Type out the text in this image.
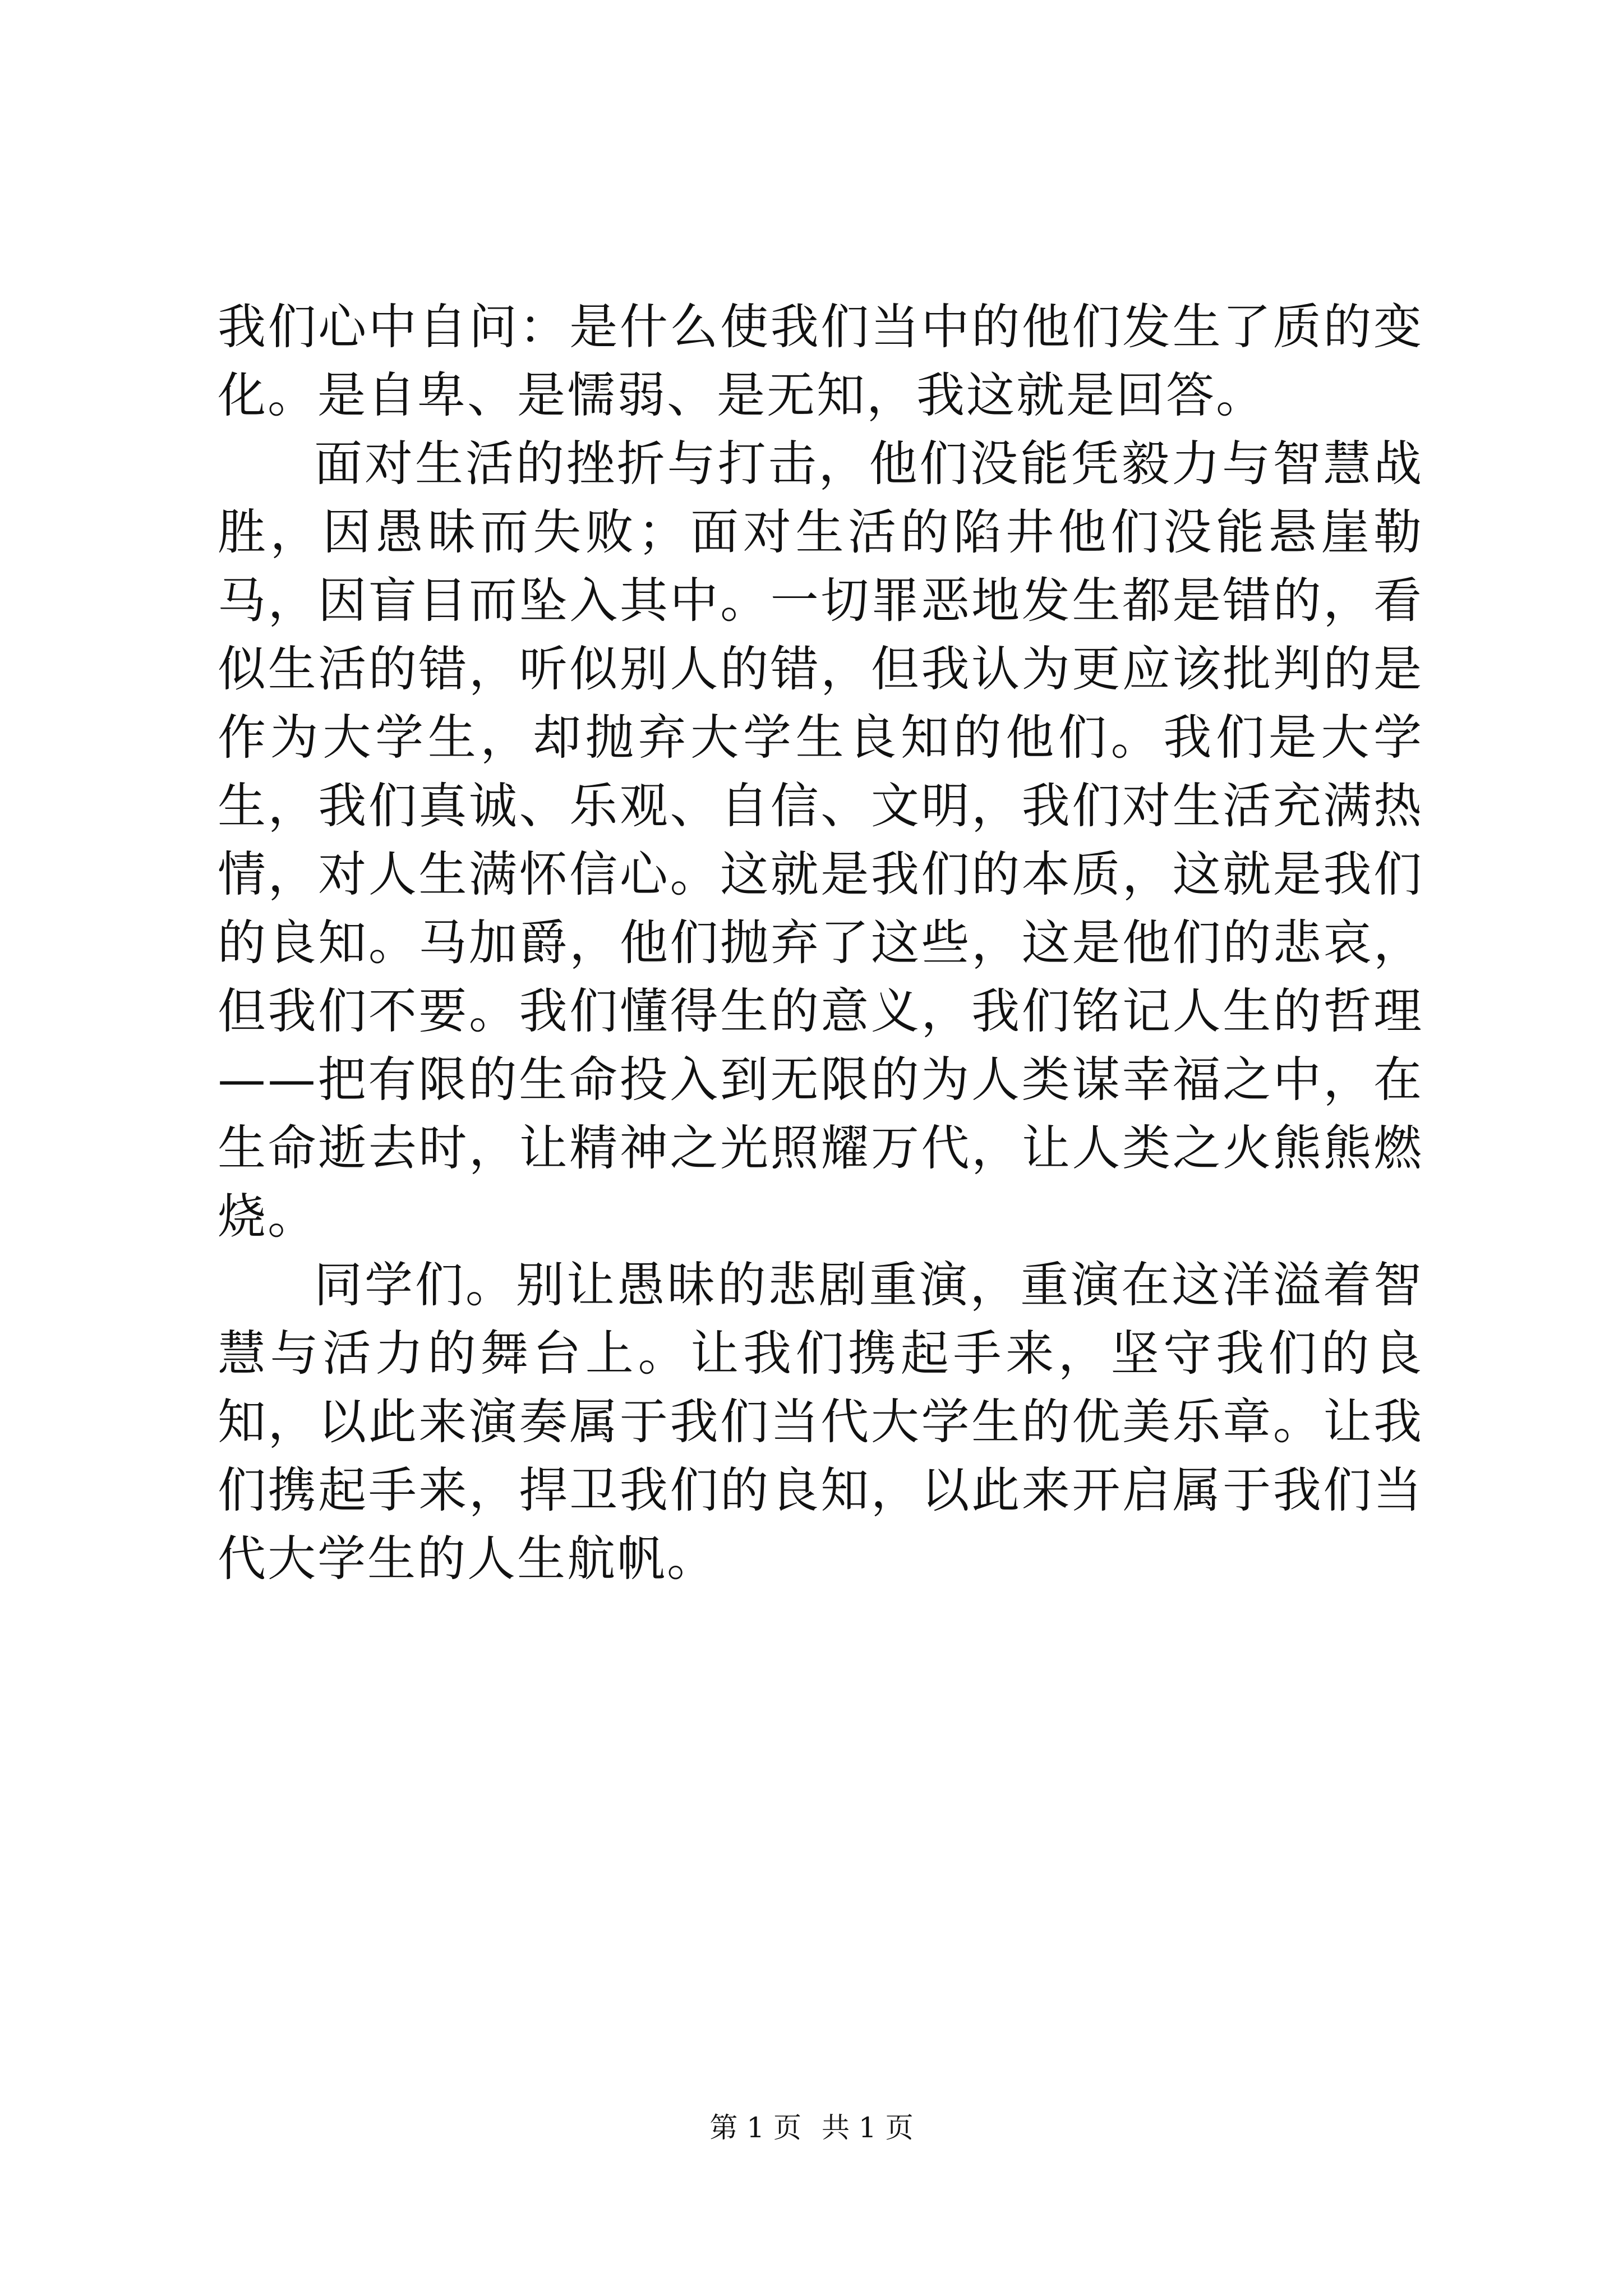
我们心中自问：是什么使我们当中的他们发生了质的变化。是自卑、是懦弱、是无知，我这就是回答。

面对生活的挫折与打击，他们没能凭毅力与智慧战胜，因愚昧而失败；面对生活的陷井他们没能悬崖勒马，因盲目而坠入其中。一切罪恶地发生都是错的，看似生活的错，听似别人的错，但我认为更应该批判的是作为大学生，却抛弃大学生良知的他们。我们是大学生，我们真诚、乐观、自信、文明，我们对生活充满热情，对人生满怀信心。这就是我们的本质，这就是我们的良知。马加爵，他们抛弃了这些，这是他们的悲哀，但我们不要。我们懂得生的意义，我们铭记人生的哲理——把有限的生命投入到无限的为人类谋幸福之中，在生命逝去时，让精神之光照耀万代，让人类之火熊熊燃烧。

同学们。别让愚昧的悲剧重演，重演在这洋溢着智慧与活力的舞台上。让我们携起手来，坚守我们的良知，以此来演奏属于我们当代大学生的优美乐章。让我们携起手来，捍卫我们的良知，以此来开启属于我们当代大学生的人生航帆。

第 1 页 共 1 页
